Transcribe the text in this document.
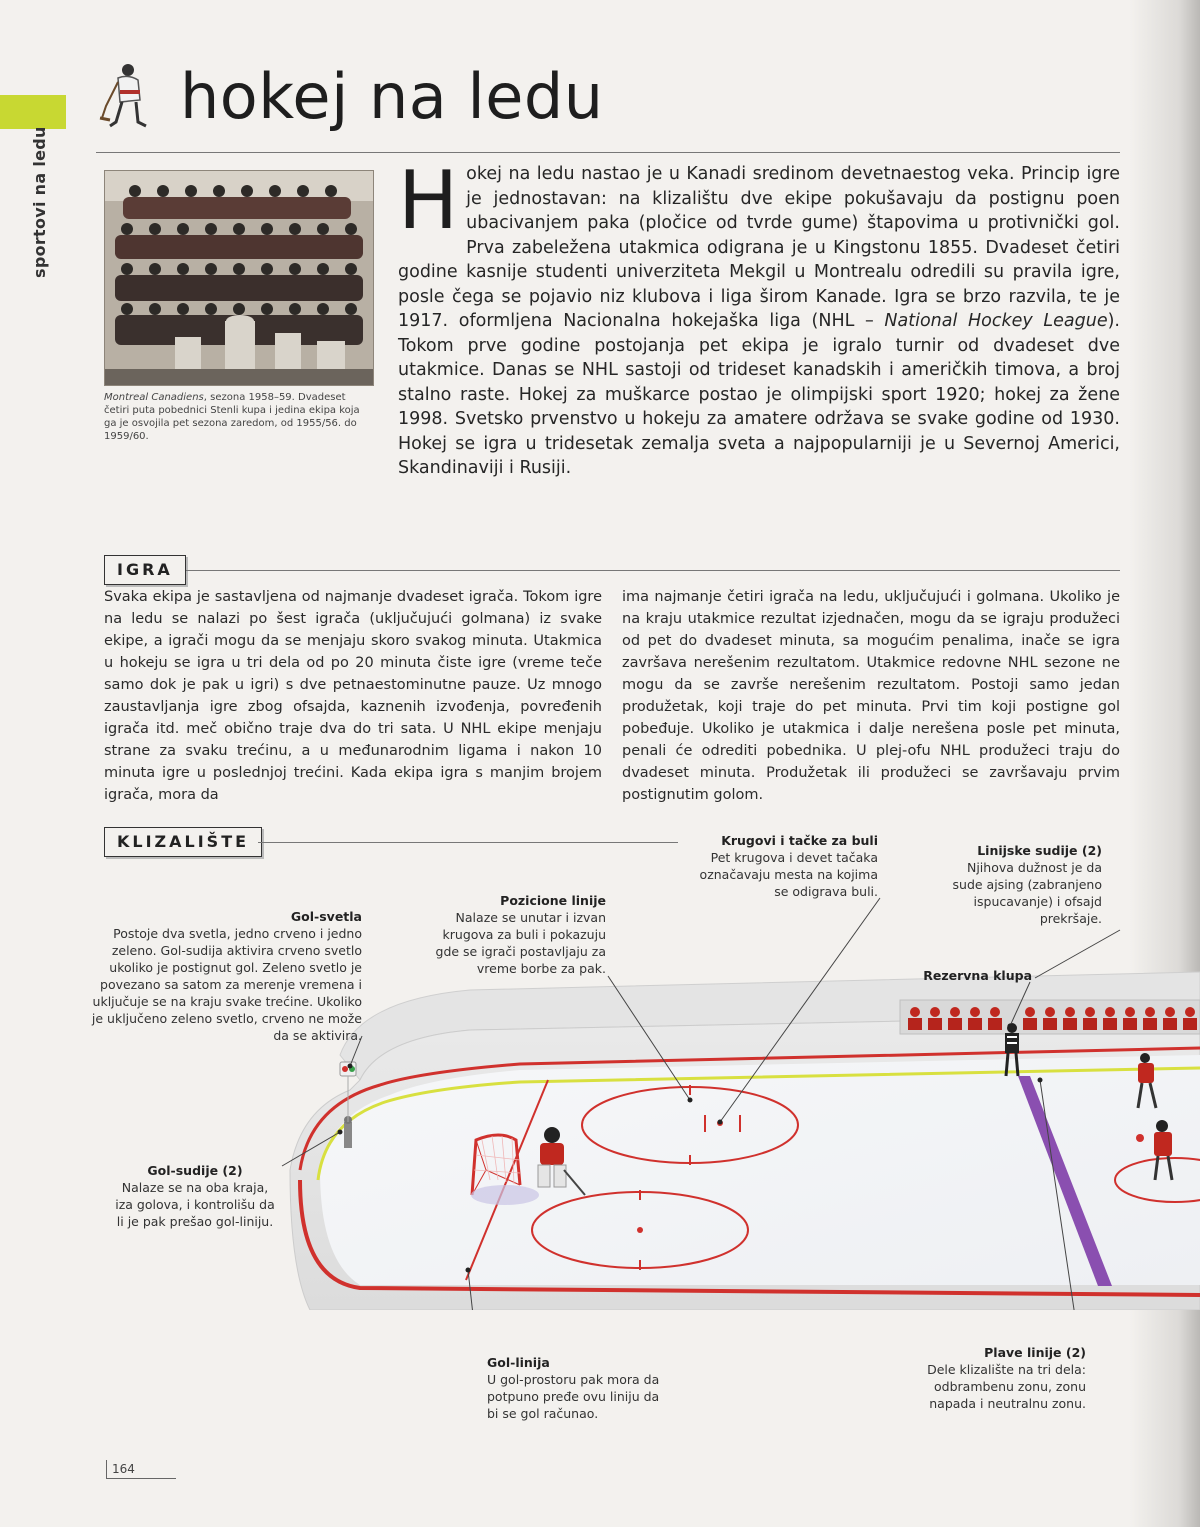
sportovi na ledu
hokej na ledu
Montreal Canadiens, sezona 1958–59. Dvadeset četiri puta pobednici Stenli kupa i jedina ekipa koja ga je osvojila pet sezona zaredom, od 1955/56. do 1959/60.

Hokej na ledu nastao je u Kanadi sredinom devetnaestog veka. Princip igre je jednostavan: na klizalištu dve ekipe pokušavaju da postignu poen ubacivanjem paka (pločice od tvrde gume) štapovima u protivnički gol. Prva zabeležena utakmica odigrana je u Kingstonu 1855. Dvadeset četiri godine kasnije studenti univerziteta Mekgil u Montrealu odredili su pravila igre, posle čega se pojavio niz klubova i liga širom Kanade. Igra se brzo razvila, te je 1917. oformljena Nacionalna hokejaška liga (NHL – National Hockey League). Tokom prve godine postojanja pet ekipa je igralo turnir od dvadeset dve utakmice. Danas se NHL sastoji od trideset kanadskih i američkih timova, a broj stalno raste. Hokej za muškarce postao je olimpijski sport 1920; hokej za žene 1998. Svetsko prvenstvo u hokeju za amatere održava se svake godine od 1930. Hokej se igra u tridesetak zemalja sveta a najpopularniji je u Severnoj Americi, Skandinaviji i Rusiji.

IGRA

Svaka ekipa je sastavljena od najmanje dvadeset igrača. Tokom igre na ledu se nalazi po šest igrača (uključujući golmana) iz svake ekipe, a igrači mogu da se menjaju skoro svakog minuta. Utakmica u hokeju se igra u tri dela od po 20 minuta čiste igre (vreme teče samo dok je pak u igri) s dve petnaestominutne pauze. Uz mnogo zaustavljanja igre zbog ofsajda, kaznenih izvođenja, povređenih igrača itd. meč obično traje dva do tri sata. U NHL ekipe menjaju strane za svaku trećinu, a u međunarodnim ligama i nakon 10 minuta igre u poslednjoj trećini. Kada ekipa igra s manjim brojem igrača, mora da

ima najmanje četiri igrača na ledu, uključujući i golmana. Ukoliko je na kraju utakmice rezultat izjednačen, mogu da se igraju produžeci od pet do dvadeset minuta, sa mogućim penalima, inače se igra završava nerešenim rezultatom. Utakmice redovne NHL sezone ne mogu da se završe nerešenim rezultatom. Postoji samo jedan produžetak, koji traje do pet minuta. Prvi tim koji postigne gol pobeđuje. Ukoliko je utakmica i dalje nerešena posle pet minuta, penali će odrediti pobednika. U plej-ofu NHL produžeci traju do dvadeset minuta. Produžetak ili produžeci se završavaju prvim postignutim golom.

KLIZALIŠTE
Gol-svetla
Postoje dva svetla, jedno crveno i jedno zeleno. Gol-sudija aktivira crveno svetlo ukoliko je postignut gol. Zeleno svetlo je povezano sa satom za merenje vremena i uključuje se na kraju svake trećine. Ukoliko je uključeno zeleno svetlo, crveno ne može da se aktivira.
Pozicione linije
Nalaze se unutar i izvan krugova za buli i pokazuju gde se igrači postavljaju za vreme borbe za pak.
Krugovi i tačke za buli
Pet krugova i devet tačaka označavaju mesta na kojima se odigrava buli.
Linijske sudije (2)
Njihova dužnost je da sude ajsing (zabranjeno ispucavanje) i ofsajd prekršaje.
Rezervna klupa
Gol-sudije (2)
Nalaze se na oba kraja, iza golova, i kontrolišu da li je pak prešao gol-liniju.
Gol-linija
U gol-prostoru pak mora da potpuno pređe ovu liniju da bi se gol računao.
Plave linije (2)
Dele klizalište na tri dela: odbrambenu zonu, zonu napada i neutralnu zonu.
164
